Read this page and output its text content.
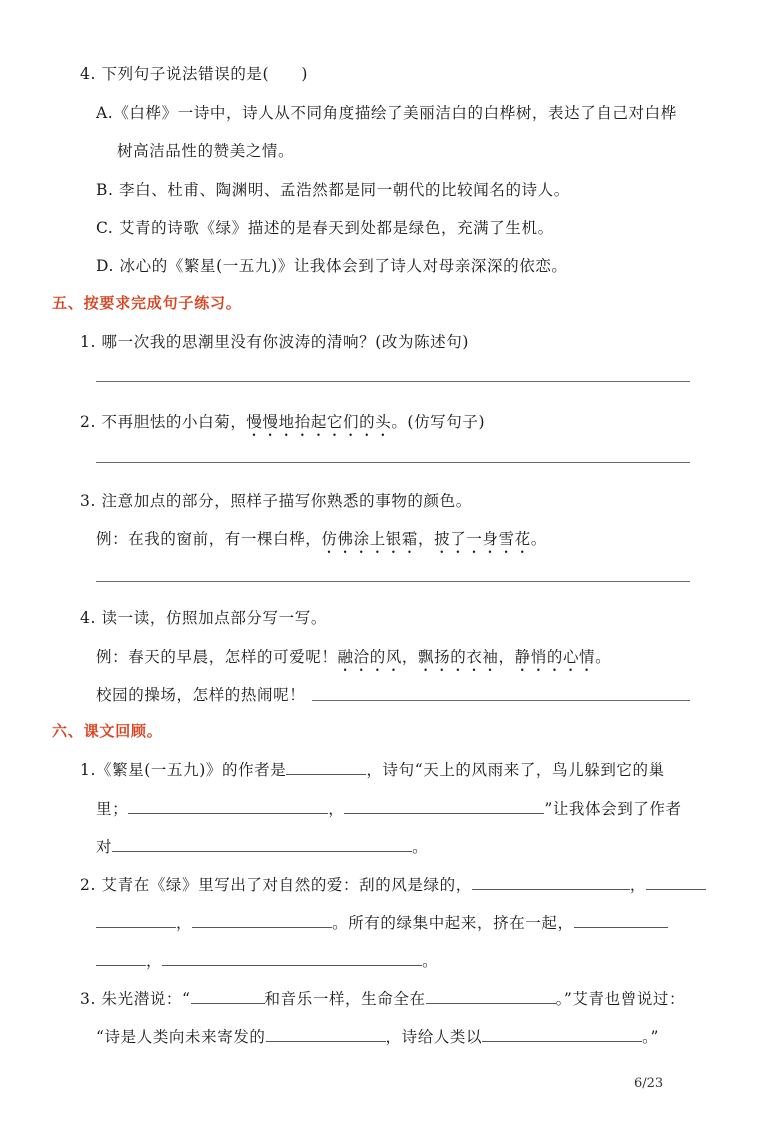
4. 下列句子说法错误的是(　　)
A.《白桦》一诗中，诗人从不同角度描绘了美丽洁白的白桦树，表达了自己对白桦
树高洁品性的赞美之情。
B. 李白、杜甫、陶渊明、孟浩然都是同一朝代的比较闻名的诗人。
C. 艾青的诗歌《绿》描述的是春天到处都是绿色，充满了生机。
D. 冰心的《繁星(一五九)》让我体会到了诗人对母亲深深的依恋。
五、按要求完成句子练习。
1. 哪一次我的思潮里没有你波涛的清响？(改为陈述句)
2. 不再胆怯的小白菊，慢慢地抬起它们的头。(仿写句子)
3. 注意加点的部分，照样子描写你熟悉的事物的颜色。
例：在我的窗前，有一棵白桦，仿佛涂上银霜，披了一身雪花。
4. 读一读，仿照加点部分写一写。
例：春天的早晨，怎样的可爱呢！融洽的风，飘扬的衣袖，静悄的心情。
校园的操场，怎样的热闹呢！
六、课文回顾。
1.《繁星(一五九)》的作者是	，诗句“天上的风雨来了，鸟儿躲到它的巢
里；	，	”让我体会到了作者
对	。
2. 艾青在《绿》里写出了对自然的爱：刮的风是绿的，	，
，	。所有的绿集中起来，挤在一起，
，	。
3. 朱光潜说：“	和音乐一样，生命全在	。”艾青也曾说过：
“诗是人类向未来寄发的	，诗给人类以	。”
6/23
